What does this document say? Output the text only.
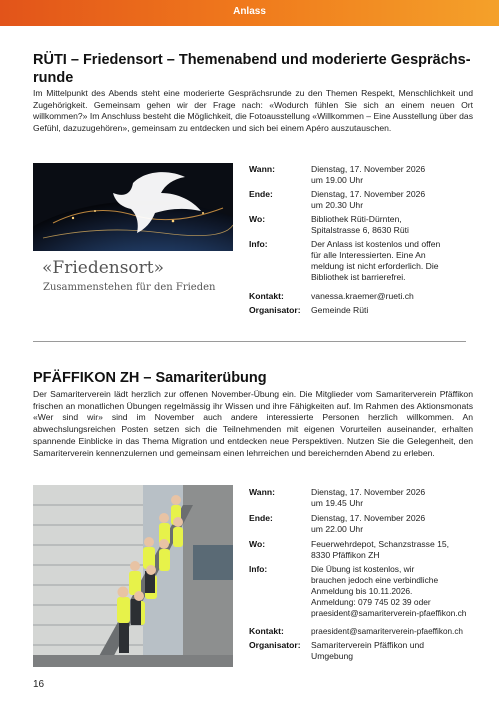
Anlass
RÜTI – Friedensort – Themenabend und moderierte Gesprächsrunde
Im Mittelpunkt des Abends steht eine moderierte Gesprächsrunde zu den Themen Respekt, Menschlichkeit und Zugehörigkeit. Gemeinsam gehen wir der Frage nach: «Wodurch fühlen Sie sich an einem neuen Ort willkommen?» Im Anschluss besteht die Möglichkeit, die Fotoausstellung «Willkommen – Eine Ausstellung über das Gefühl, dazuzugehören», gemeinsam zu entdecken und sich bei einem Apéro auszutauschen.
«Friedensort»
Zusammenstehen für den Frieden
Wann:	Dienstag, 17. November 2026
um 19.00 Uhr
Ende:	Dienstag, 17. November 2026
um 20.30 Uhr
Wo:	Bibliothek Rüti-Dürnten,
Spitalstrasse 6, 8630 Rüti
Info:	Der Anlass ist kostenlos und offen
für alle Interessierten. Eine An
meldung ist nicht erforderlich. Die
Bibliothek ist barrierefrei.
Kontakt:	vanessa.kraemer@rueti.ch
Organisator:	Gemeinde Rüti
PFÄFFIKON ZH – Samariterübung
Der Samariterverein lädt herzlich zur offenen November-Übung ein. Die Mitglieder vom Samariterverein Pfäffikon frischen an monatlichen Übungen regelmässig ihr Wissen und ihre Fähigkeiten auf. Im Rahmen des Aktionsmonats «Wer sind wir» sind im November auch andere interessierte Personen herzlich willkommen. An abwechslungsreichen Posten setzen sich die Teilnehmenden mit eigenen Vorurteilen auseinander, erhalten spannende Einblicke in das Thema Migration und entdecken neue Perspektiven. Nutzen Sie die Gelegenheit, den Samariterverein kennenzulernen und gemeinsam einen lehrreichen und bereichernden Abend zu erleben.
Wann:	Dienstag, 17. November 2026
um 19.45 Uhr
Ende:	Dienstag, 17. November 2026
um 22.00 Uhr
Wo:	Feuerwehrdepot, Schanzstrasse 15,
8330 Pfäffikon ZH
Info:	Die Übung ist kostenlos, wir
brauchen jedoch eine verbindliche
Anmeldung bis 10.11.2026.
Anmeldung: 079 745 02 39 oder
praesident@samariterverein-pfaeffikon.ch
Kontakt:	praesident@samariterverein-pfaeffikon.ch
Organisator:	Samariterverein Pfäffikon und
Umgebung
16
